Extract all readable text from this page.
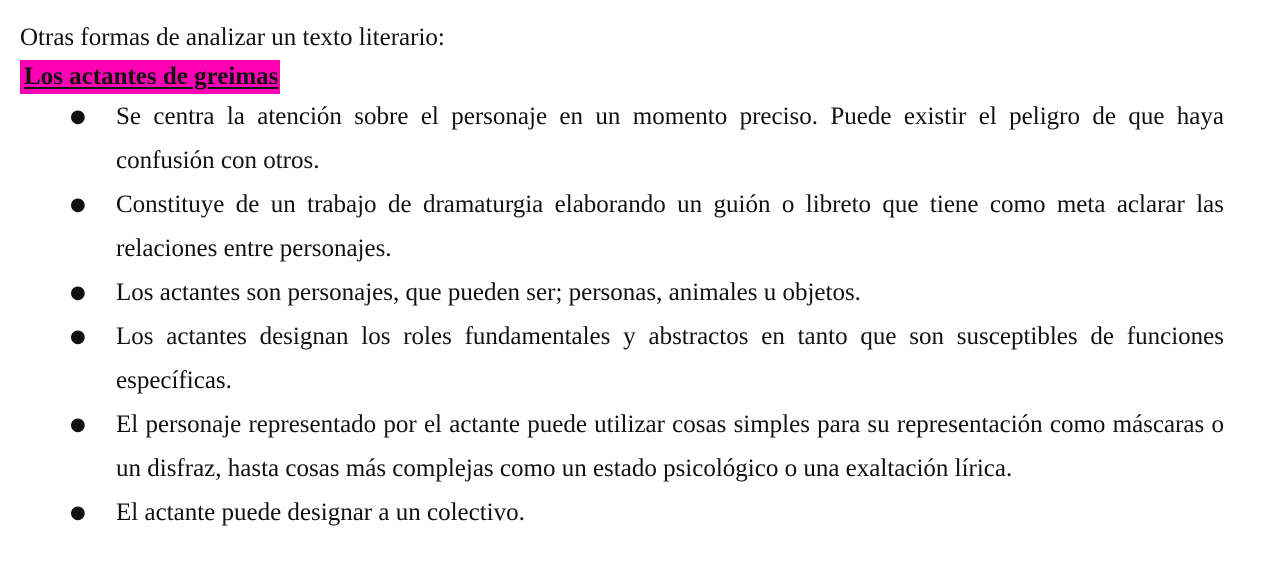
Otras formas de analizar un texto literario:

Los actantes de greimas
● Se centra la atención sobre el personaje en un momento preciso. Puede existir el peligro de que haya confusión con otros.
● Constituye de un trabajo de dramaturgia elaborando un guión o libreto que tiene como meta aclarar las relaciones entre personajes.
● Los actantes son personajes, que pueden ser; personas, animales u objetos.
● Los actantes designan los roles fundamentales y abstractos en tanto que son susceptibles de funciones específicas.
● El personaje representado por el actante puede utilizar cosas simples para su representación como máscaras o un disfraz, hasta cosas más complejas como un estado psicológico o una exaltación lírica.
● El actante puede designar a un colectivo.
